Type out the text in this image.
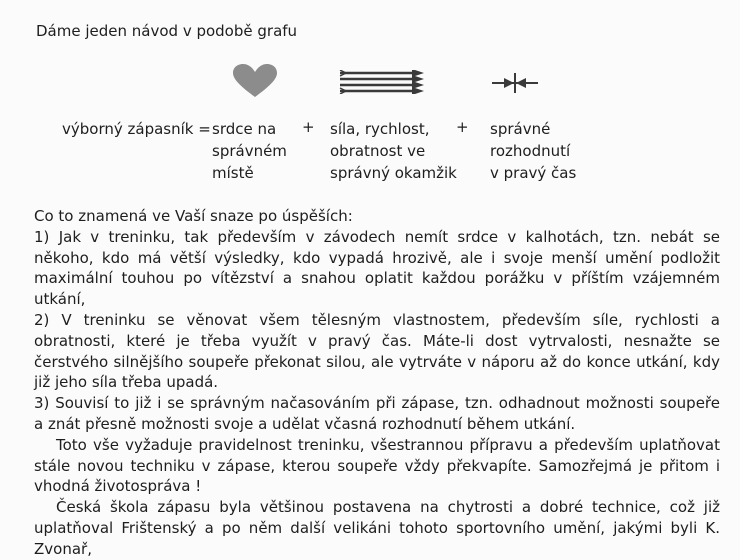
Dáme jeden návod v podobě grafu
výborný zápasník = srdce na
správném
místě
+ síla, rychlost,
obratnost ve
správný okamžik
+ správné
rozhodnutí
v pravý čas

Co to znamená ve Vaší snaze po úspěších:

1) Jak v treninku, tak především v závodech nemít srdce v kalhotách, tzn. nebát se někoho, kdo má větší výsledky, kdo vypadá hrozivě, ale i svoje menší umění podložit maximální touhou po vítězství a snahou oplatit každou porážku v příštím vzájemném utkání,

2) V treninku se věnovat všem tělesným vlastnostem, především síle, rychlosti a obratnosti, které je třeba využít v pravý čas. Máte-li dost vytrvalosti, nesnažte se čerstvého silnějšího soupeře překonat silou, ale vytrváte v náporu až do konce utkání, kdy již jeho síla třeba upadá.

3) Souvisí to již i se správným načasováním při zápase, tzn. odhadnout možnosti soupeře a znát přesně možnosti svoje a udělat včasná rozhodnutí během utkání.

Toto vše vyžaduje pravidelnost treninku, všestrannou přípravu a především uplatňovat stále novou techniku v zápase, kterou soupeře vždy překvapíte. Samozřejmá je přitom i vhodná životospráva !

Česká škola zápasu byla většinou postavena na chytrosti a dobré technice, což již uplatňoval Frištenský a po něm další velikáni tohoto sportovního umění, jakými byli K. Zvonař,
